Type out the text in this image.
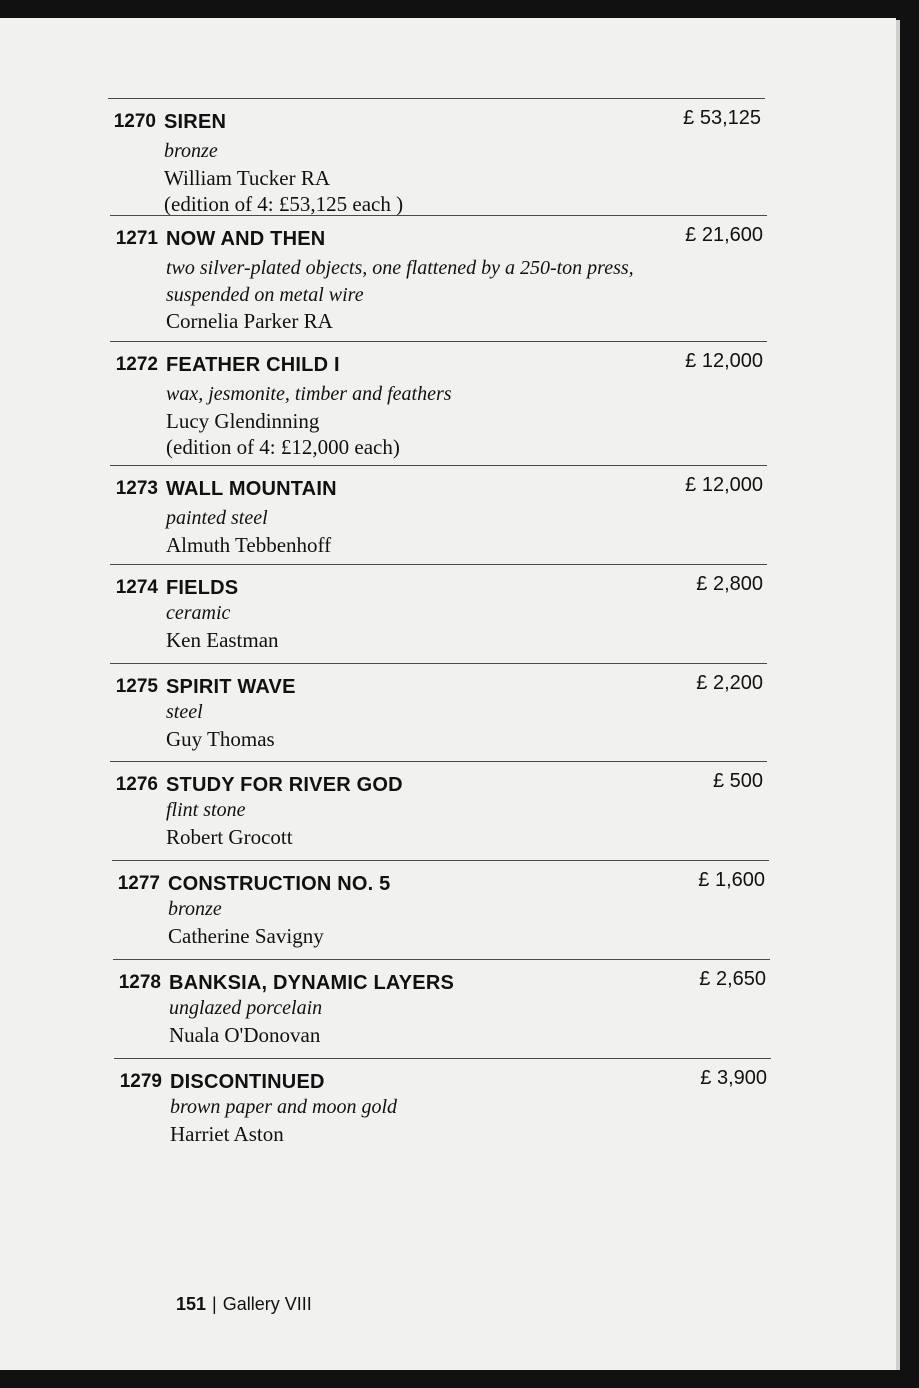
1270 SIREN	£ 53,125
bronze
William Tucker RA
(edition of 4: £53,125 each )
1271 NOW AND THEN	£ 21,600
two silver-plated objects, one flattened by a 250-ton press,
suspended on metal wire
Cornelia Parker RA
1272 FEATHER CHILD I	£ 12,000
wax, jesmonite, timber and feathers
Lucy Glendinning
(edition of 4: £12,000 each)
1273 WALL MOUNTAIN	£ 12,000
painted steel
Almuth Tebbenhoff
1274 FIELDS	£ 2,800
ceramic
Ken Eastman
1275 SPIRIT WAVE	£ 2,200
steel
Guy Thomas
1276 STUDY FOR RIVER GOD	£ 500
flint stone
Robert Grocott
1277 CONSTRUCTION NO. 5	£ 1,600
bronze
Catherine Savigny
1278 BANKSIA, DYNAMIC LAYERS	£ 2,650
unglazed porcelain
Nuala O'Donovan
1279 DISCONTINUED	£ 3,900
brown paper and moon gold
Harriet Aston
151 | Gallery VIII
